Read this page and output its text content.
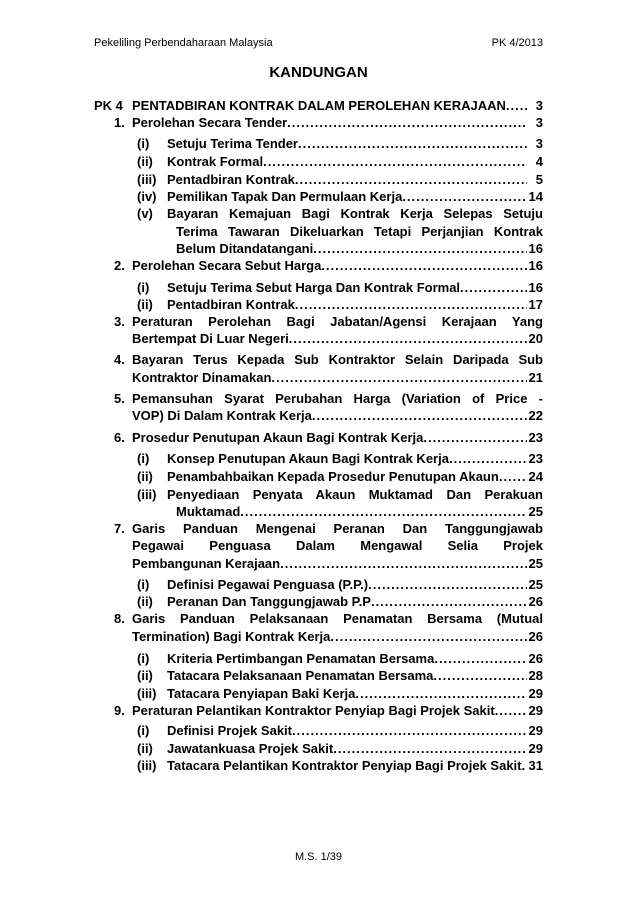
Pekeliling Perbendaharaan Malaysia	PK 4/2013
KANDUNGAN
PK 4 PENTADBIRAN KONTRAK DALAM PEROLEHAN KERAJAAN .....	3
1. Perolehan Secara Tender .....	3
(i) Setuju Terima Tender .....	3
(ii) Kontrak Formal .....	4
(iii) Pentadbiran Kontrak .....	5
(iv) Pemilikan Tapak Dan Permulaan Kerja .....	14
(v) Bayaran Kemajuan Bagi Kontrak Kerja Selepas Setuju
Terima Tawaran Dikeluarkan Tetapi Perjanjian Kontrak
Belum Ditandatangani .....	16
2. Perolehan Secara Sebut Harga .....	16
(i) Setuju Terima Sebut Harga Dan Kontrak Formal .....	16
(ii) Pentadbiran Kontrak .....	17
3. Peraturan Perolehan Bagi Jabatan/Agensi Kerajaan Yang
Bertempat Di Luar Negeri .....	20
4. Bayaran Terus Kepada Sub Kontraktor Selain Daripada Sub
Kontraktor Dinamakan .....	21
5. Pemansuhan Syarat Perubahan Harga (Variation of Price -
VOP) Di Dalam Kontrak Kerja .....	22
6. Prosedur Penutupan Akaun Bagi Kontrak Kerja .....	23
(i) Konsep Penutupan Akaun Bagi Kontrak Kerja .....	23
(ii) Penambahbaikan Kepada Prosedur Penutupan Akaun ..... 24
(iii) Penyediaan Penyata Akaun Muktamad Dan Perakuan
Muktamad .....	25
7. Garis Panduan Mengenai Peranan Dan Tanggungjawab
Pegawai Penguasa Dalam Mengawal Selia Projek
Pembangunan Kerajaan .....	25
(i) Definisi Pegawai Penguasa (P.P.) .....	25
(ii) Peranan Dan Tanggungjawab P.P .....	26
8. Garis Panduan Pelaksanaan Penamatan Bersama (Mutual
Termination) Bagi Kontrak Kerja .....	26
(i) Kriteria Pertimbangan Penamatan Bersama .....	26
(ii) Tatacara Pelaksanaan Penamatan Bersama .....	28
(iii) Tatacara Penyiapan Baki Kerja .....	29
9. Peraturan Pelantikan Kontraktor Penyiap Bagi Projek Sakit .....	29
(i) Definisi Projek Sakit .....	29
(ii) Jawatankuasa Projek Sakit .....	29
(iii) Tatacara Pelantikan Kontraktor Penyiap Bagi Projek Sakit ..... 31
M.S. 1/39
